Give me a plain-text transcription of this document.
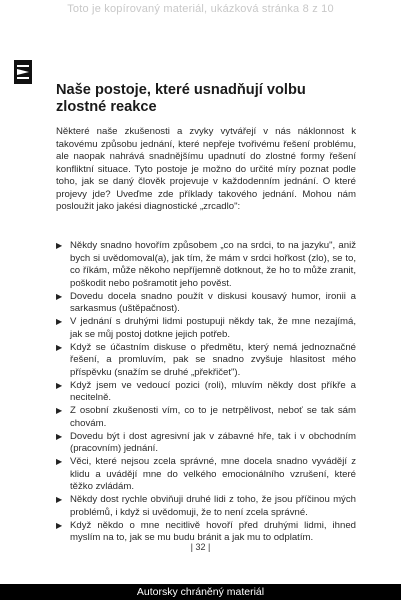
Toto je kopírovaný materiál, ukázková stránka 8 z 10
Naše postoje, které usnadňují volbu zlostné reakce

Některé naše zkušenosti a zvyky vytvářejí v nás náklonnost k takovému způsobu jednání, které nepřeje tvořivému řešení problému, ale naopak nahrává snadnějšímu upadnutí do zlostné formy řešení konfliktní situace. Tyto postoje je možno do určité míry poznat podle toho, jak se daný člověk projevuje v každodenním jednání. O které projevy jde? Uveďme zde příklady takového jednání. Mohou nám posloužit jako jakési diagnostické „zrcadlo":

▶ Někdy snadno hovořím způsobem „co na srdci, to na jazyku", aniž bych si uvědomoval(a), jak tím, že mám v srdci hořkost (zlo), se to, co říkám, může někoho nepříjemně dotknout, že ho to může zranit, poškodit nebo pošramotit jeho pověst.
▶ Dovedu docela snadno použít v diskusi kousavý humor, ironii a sarkasmus (uštěpačnost).
▶ V jednání s druhými lidmi postupuji někdy tak, že mne nezajímá, jak se můj postoj dotkne jejich potřeb.
▶ Když se účastním diskuse o předmětu, který nemá jednoznačné řešení, a promluvím, pak se snadno zvyšuje hlasitost mého příspěvku (snažím se druhé „překřičet").
▶ Když jsem ve vedoucí pozici (roli), mluvím někdy dost příkře a necitelně.
▶ Z osobní zkušenosti vím, co to je netrpělivost, neboť se tak sám chovám.
▶ Dovedu být i dost agresivní jak v zábavné hře, tak i v obchodním (pracovním) jednání.
▶ Věci, které nejsou zcela správné, mne docela snadno vyvádějí z klidu a uvádějí mne do velkého emocionálního vzrušení, které těžko zvládám.
▶ Někdy dost rychle obviňuji druhé lidi z toho, že jsou příčinou mých problémů, i když si uvědomuji, že to není zcela správné.
▶ Když někdo o mne necitlivě hovoří před druhými lidmi, ihned myslím na to, jak se mu budu bránit a jak mu to odplatím.
| 32 |
Autorsky chráněný materiál
